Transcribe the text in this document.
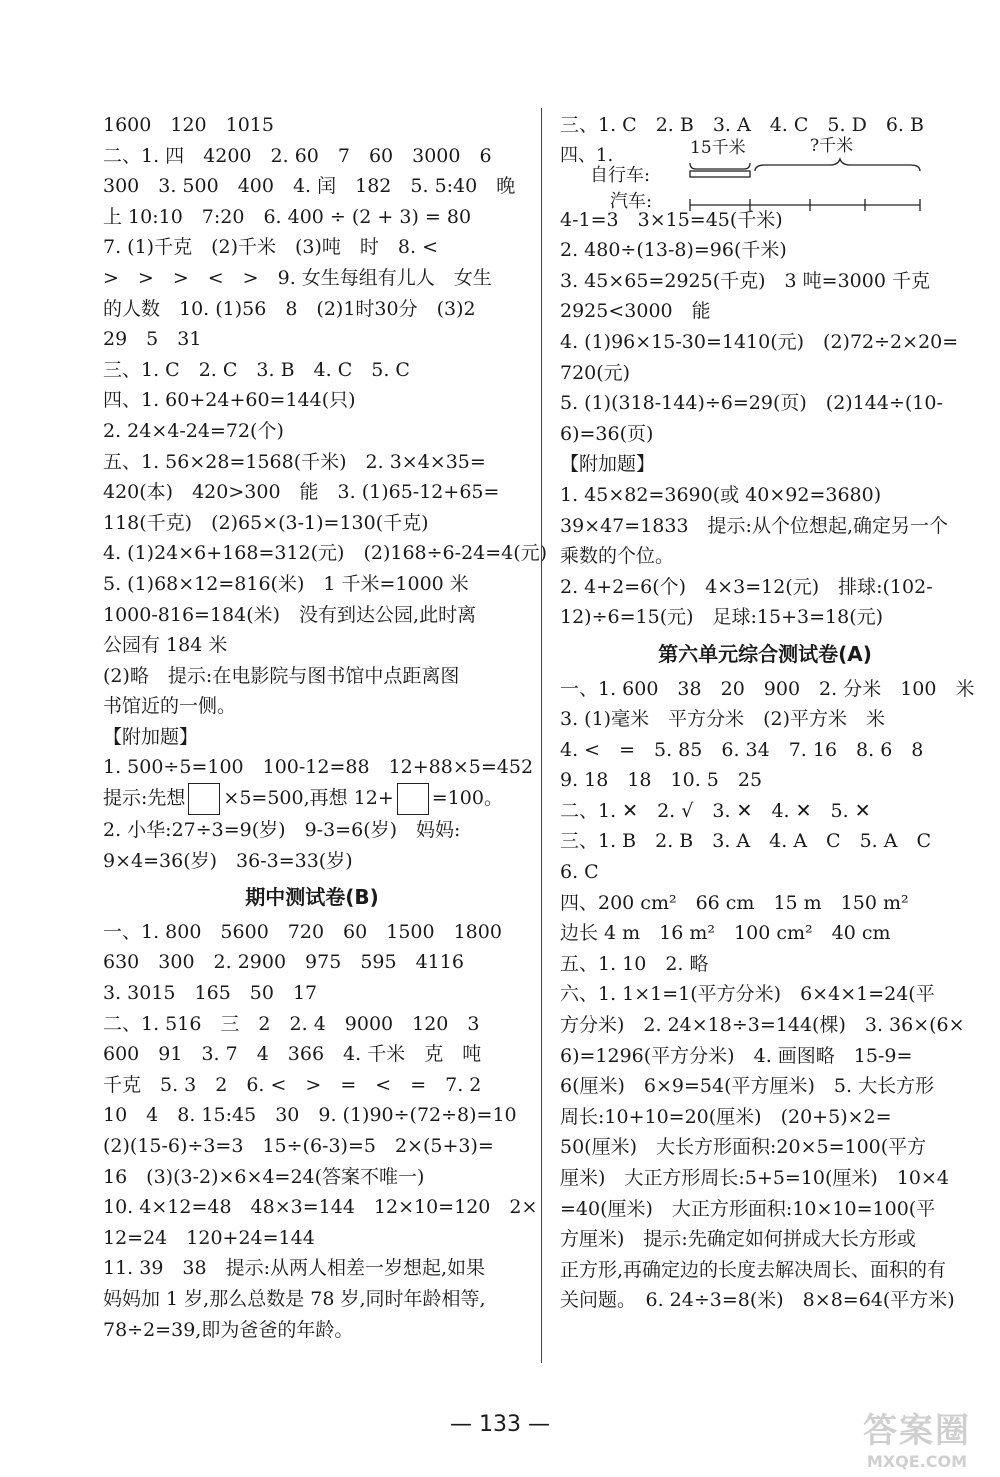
1600　120　1015
二、1. 四　4200　2. 60　7　60　3000　6
300　3. 500　400　4. 闰　182　5. 5:40　晚
上 10:10　7:20　6. 400 ÷ (2 + 3) = 80
7. (1)千克　(2)千米　(3)吨　时　8. <
>　>　>　<　>　9. 女生每组有儿人　女生
的人数　10. (1)56　8　(2)1时30分　(3)2
29　5　31
三、1. C　2. C　3. B　4. C　5. C
四、1. 60+24+60=144(只)
2. 24×4-24=72(个)
五、1. 56×28=1568(千米)　2. 3×4×35=
420(本)　420>300　能　3. (1)65-12+65=
118(千克)　(2)65×(3-1)=130(千克)
4. (1)24×6+168=312(元)　(2)168÷6-24=4(元)
5. (1)68×12=816(米)　1 千米=1000 米
1000-816=184(米)　没有到达公园,此时离
公园有 184 米
(2)略　提示:在电影院与图书馆中点距离图
书馆近的一侧。
【附加题】
1. 500÷5=100　100-12=88　12+88×5=452
提示:先想 ×5=500,再想 12+ =100。
2. 小华:27÷3=9(岁)　9-3=6(岁)　妈妈:
9×4=36(岁)　36-3=33(岁)
期中测试卷(B)
一、1. 800　5600　720　60　1500　1800
630　300　2. 2900　975　595　4116
3. 3015　165　50　17
二、1. 516　三　2　2. 4　9000　120　3
600　91　3. 7　4　366　4. 千米　克　吨
千克　5. 3　2　6. <　>　=　<　=　7. 2
10　4　8. 15:45　30　9. (1)90÷(72÷8)=10
(2)(15-6)÷3=3　15÷(6-3)=5　2×(5+3)=
16　(3)(3-2)×6×4=24(答案不唯一)
10. 4×12=48　48×3=144　12×10=120　2×
12=24　120+24=144
11. 39　38　提示:从两人相差一岁想起,如果
妈妈加 1 岁,那么总数是 78 岁,同时年龄相等,
78÷2=39,即为爸爸的年龄。
三、1. C　2. B　3. A　4. C　5. D　6. B
四、1.	15千米
自行车:
?千米
汽车:
4-1=3　3×15=45(千米)
2. 480÷(13-8)=96(千米)
3. 45×65=2925(千克)　3 吨=3000 千克
2925<3000　能
4. (1)96×15-30=1410(元)　(2)72÷2×20=
720(元)
5. (1)(318-144)÷6=29(页)　(2)144÷(10-
6)=36(页)
【附加题】
1. 45×82=3690(或 40×92=3680)
39×47=1833　提示:从个位想起,确定另一个
乘数的个位。
2. 4+2=6(个)　4×3=12(元)　排球:(102-
12)÷6=15(元)　足球:15+3=18(元)
第六单元综合测试卷(A)
一、1. 600　38　20　900　2. 分米　100　米
3. (1)毫米　平方分米　(2)平方米　米
4. <　=　5. 85　6. 34　7. 16　8. 6　8
9. 18　18　10. 5　25
二、1. ✕　2. √　3. ✕　4. ✕　5. ✕
三、1. B　2. B　3. A　4. A　C　5. A　C
6. C
四、200 cm²　66 cm　15 m　150 m²
边长 4 m　16 m²　100 cm²　40 cm
五、1. 10　2. 略
六、1. 1×1=1(平方分米)　6×4×1=24(平
方分米)　2. 24×18÷3=144(棵)　3. 36×(6×
6)=1296(平方分米)　4. 画图略　15-9=
6(厘米)　6×9=54(平方厘米)　5. 大长方形
周长:10+10=20(厘米)　(20+5)×2=
50(厘米)　大长方形面积:20×5=100(平方
厘米)　大正方形周长:5+5=10(厘米)　10×4
=40(厘米)　大正方形面积:10×10=100(平
方厘米)　提示:先确定如何拼成大长方形或
正方形,再确定边的长度去解决周长、面积的有
关问题。　6. 24÷3=8(米)　8×8=64(平方米)
— 133 —	答案圈
MXQE.COM
